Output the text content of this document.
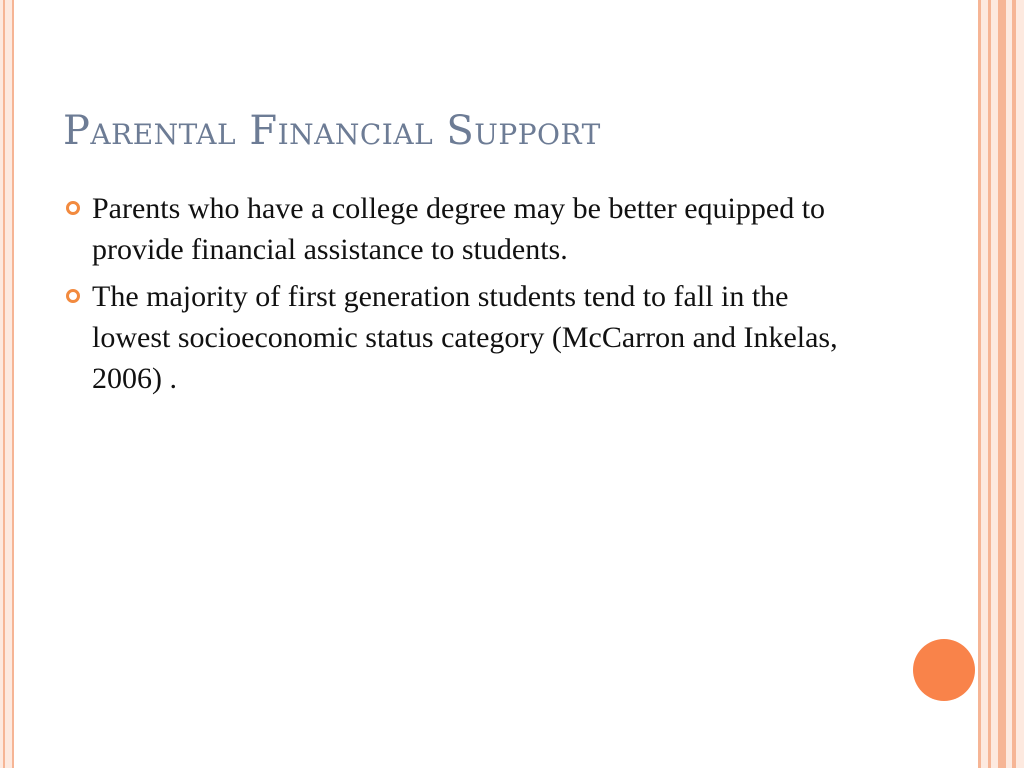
Parental Financial Support
Parents who have a college degree may be better equipped to provide financial assistance to students.
The majority of first generation students tend to fall in the lowest socioeconomic status category (McCarron and Inkelas, 2006) .
